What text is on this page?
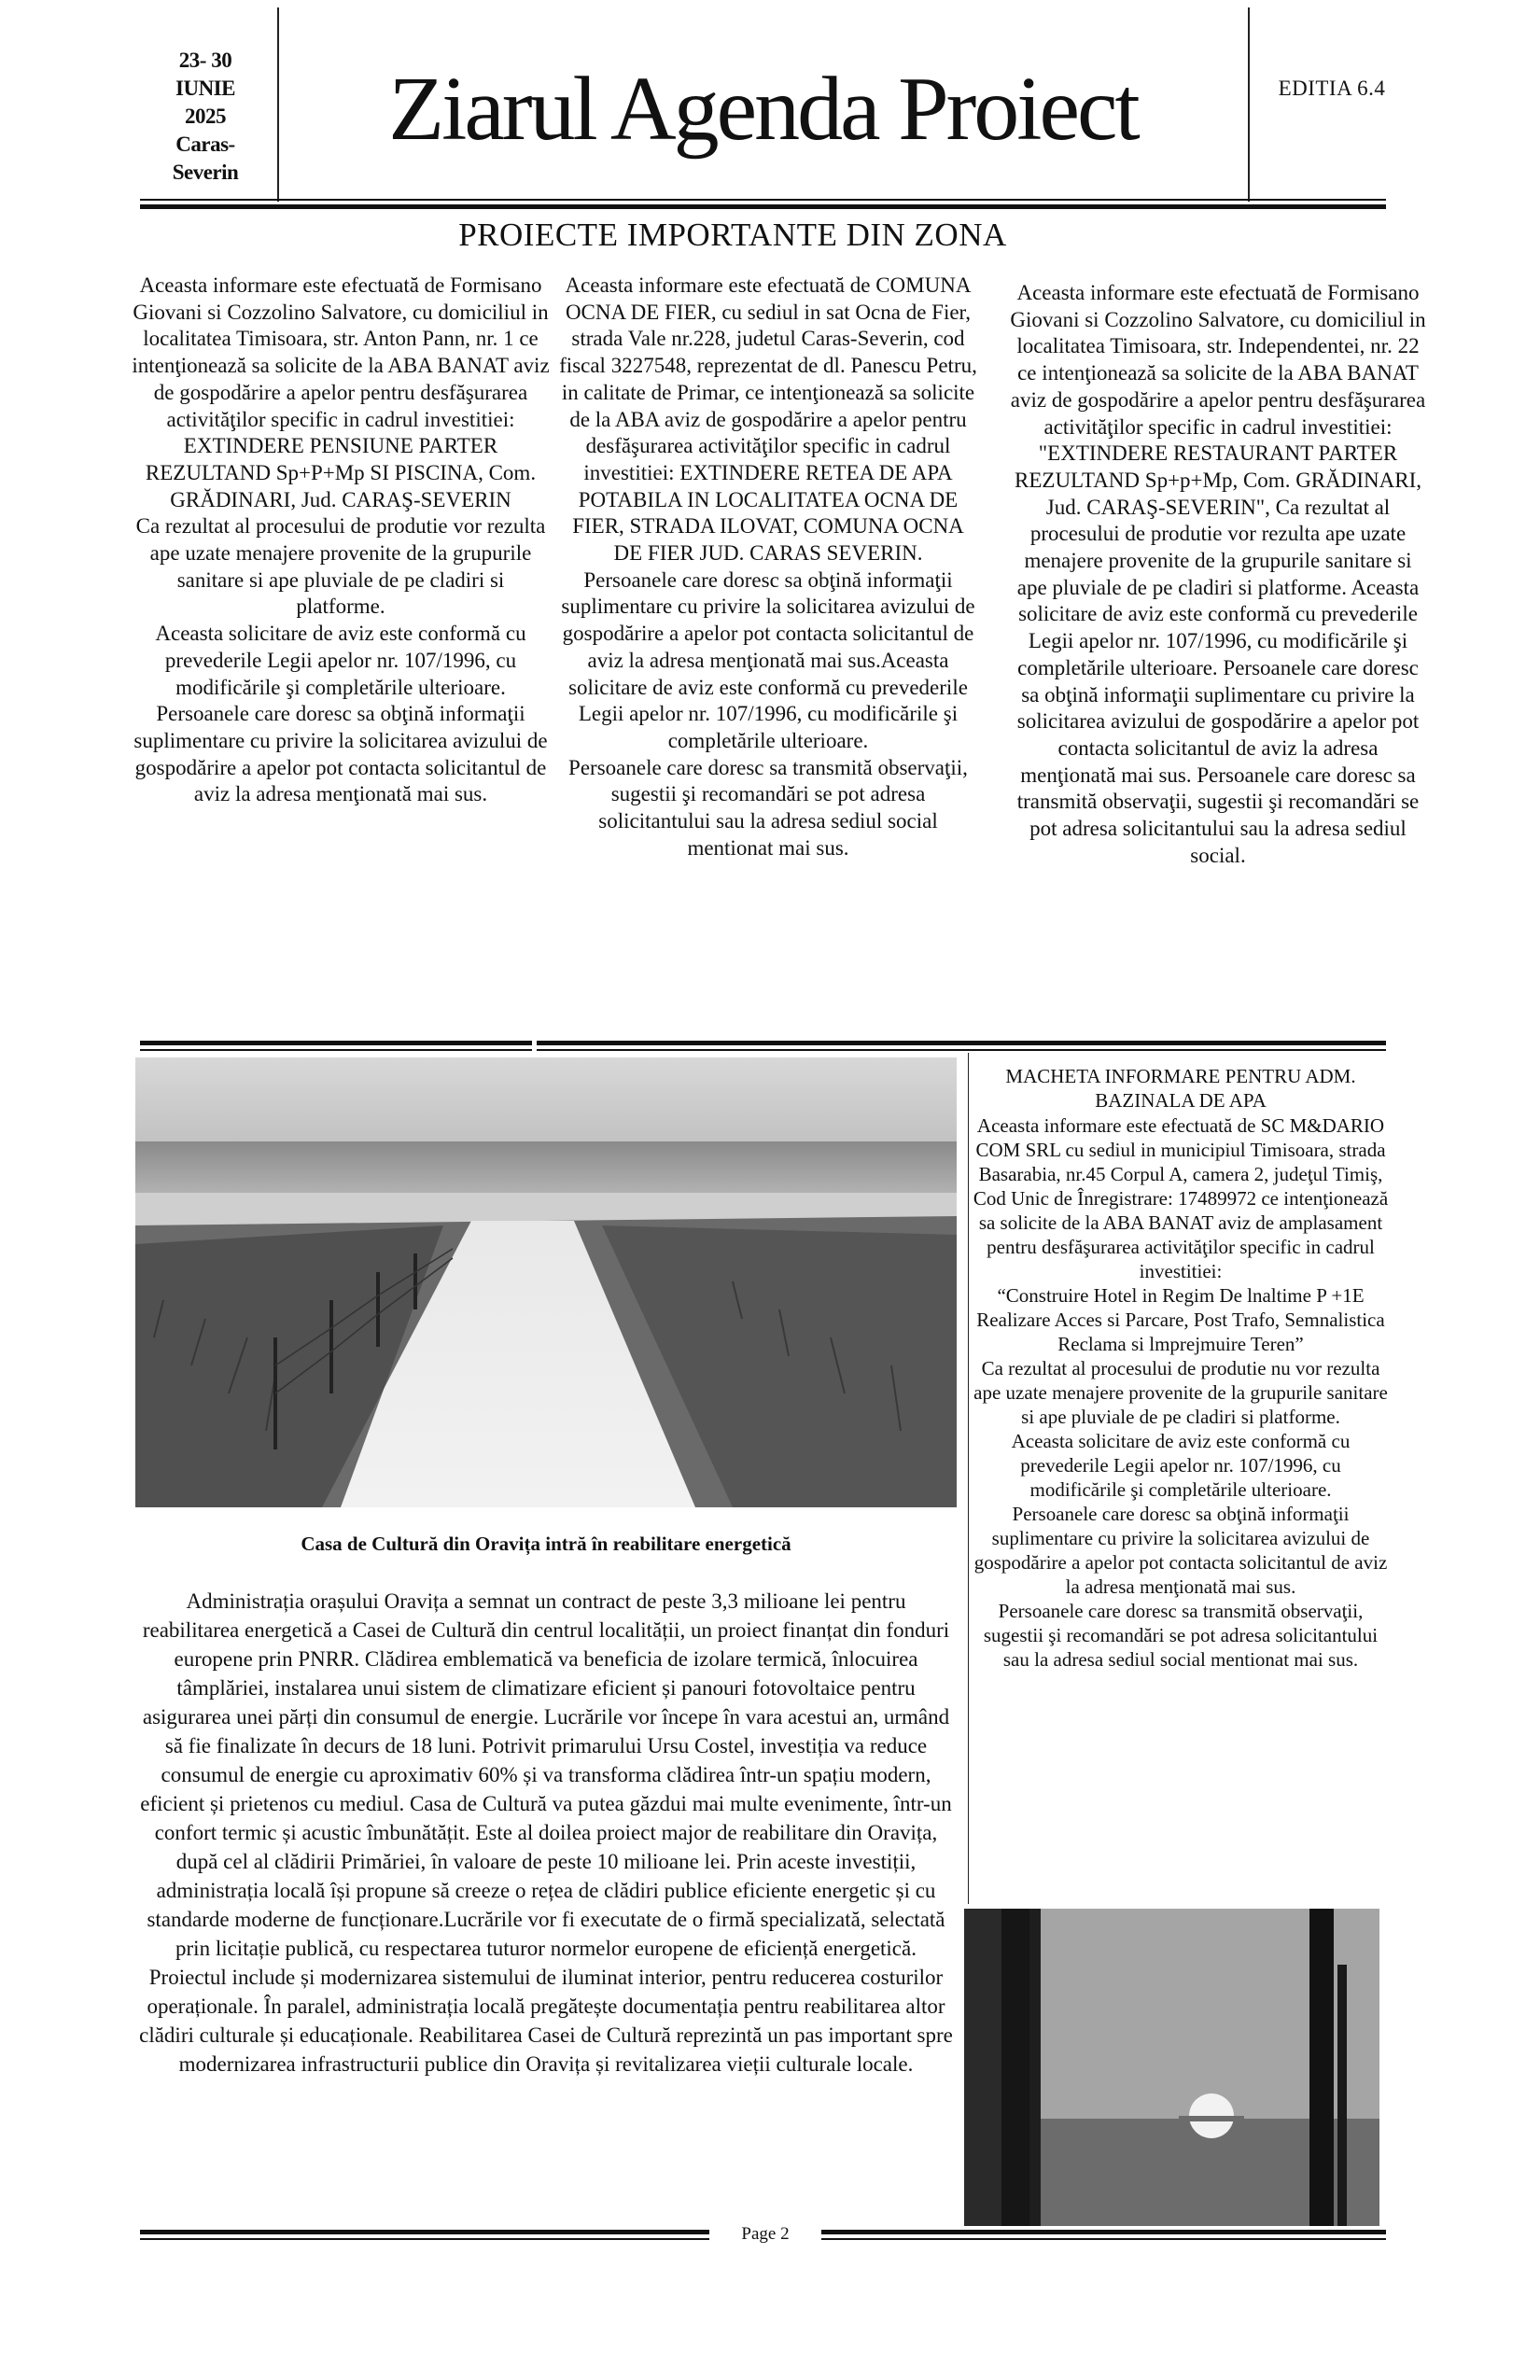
23- 30
IUNIE
2025
Caras-
Severin
Ziarul Agenda Proiect	EDITIA 6.4
PROIECTE IMPORTANTE DIN ZONA
Aceasta informare este efectuată de Formisano Giovani si Cozzolino Salvatore, cu domiciliul in localitatea Timisoara, str. Anton Pann, nr. 1 ce intenţionează sa solicite de la ABA BANAT aviz de gospodărire a apelor pentru desfăşurarea activităţilor specific in cadrul investitiei:
EXTINDERE PENSIUNE PARTER REZULTAND Sp+P+Mp SI PISCINA, Com. GRĂDINARI, Jud. CARAŞ-SEVERIN
Ca rezultat al procesului de produtie vor rezulta ape uzate menajere provenite de la grupurile sanitare si ape pluviale de pe cladiri si platforme.
Aceasta solicitare de aviz este conformă cu prevederile Legii apelor nr. 107/1996, cu modificările şi completările ulterioare.
Persoanele care doresc sa obţină informaţii suplimentare cu privire la solicitarea avizului de gospodărire a apelor pot contacta solicitantul de aviz la adresa menţionată mai sus.
Aceasta informare este efectuată de COMUNA OCNA DE FIER, cu sediul in sat Ocna de Fier, strada Vale nr.228, judetul Caras-Severin, cod fiscal 3227548, reprezentat de dl. Panescu Petru, in calitate de Primar, ce intenţionează sa solicite de la ABA aviz de gospodărire a apelor pentru desfăşurarea activităţilor specific in cadrul investitiei: EXTINDERE RETEA DE APA POTABILA IN LOCALITATEA OCNA DE FIER, STRADA ILOVAT, COMUNA OCNA DE FIER JUD. CARAS SEVERIN.
Persoanele care doresc sa obţină informaţii suplimentare cu privire la solicitarea avizului de gospodărire a apelor pot contacta solicitantul de aviz la adresa menţionată mai sus.Aceasta solicitare de aviz este conformă cu prevederile Legii apelor nr. 107/1996, cu modificările şi completările ulterioare.
Persoanele care doresc sa transmită observaţii, sugestii şi recomandări se pot adresa solicitantului sau la adresa sediul social mentionat mai sus.
Aceasta informare este efectuată de Formisano Giovani si Cozzolino Salvatore, cu domiciliul in localitatea Timisoara, str. Independentei, nr. 22 ce intenţionează sa solicite de la ABA BANAT aviz de gospodărire a apelor pentru desfăşurarea activităţilor specific in cadrul investitiei: "EXTINDERE RESTAURANT PARTER REZULTAND Sp+p+Mp, Com. GRĂDINARI, Jud. CARAŞ-SEVERIN", Ca rezultat al procesului de produtie vor rezulta ape uzate menajere provenite de la grupurile sanitare si ape pluviale de pe cladiri si platforme. Aceasta solicitare de aviz este conformă cu prevederile Legii apelor nr. 107/1996, cu modificările şi completările ulterioare. Persoanele care doresc sa obţină informaţii suplimentare cu privire la solicitarea avizului de gospodărire a apelor pot contacta solicitantul de aviz la adresa menţionată mai sus. Persoanele care doresc sa transmită observaţii, sugestii şi recomandări se pot adresa solicitantului sau la adresa sediul social.
Casa de Cultură din Oravița intră în reabilitare energetică
Administrația orașului Oravița a semnat un contract de peste 3,3 milioane lei pentru reabilitarea energetică a Casei de Cultură din centrul localității, un proiect finanțat din fonduri europene prin PNRR. Clădirea emblematică va beneficia de izolare termică, înlocuirea tâmplăriei, instalarea unui sistem de climatizare eficient și panouri fotovoltaice pentru asigurarea unei părți din consumul de energie. Lucrările vor începe în vara acestui an, urmând să fie finalizate în decurs de 18 luni. Potrivit primarului Ursu Costel, investiția va reduce consumul de energie cu aproximativ 60% și va transforma clădirea într-un spațiu modern, eficient și prietenos cu mediul. Casa de Cultură va putea găzdui mai multe evenimente, într-un confort termic și acustic îmbunătățit. Este al doilea proiect major de reabilitare din Oravița, după cel al clădirii Primăriei, în valoare de peste 10 milioane lei. Prin aceste investiții, administrația locală își propune să creeze o rețea de clădiri publice eficiente energetic și cu standarde moderne de funcționare.Lucrările vor fi executate de o firmă specializată, selectată prin licitație publică, cu respectarea tuturor normelor europene de eficiență energetică. Proiectul include și modernizarea sistemului de iluminat interior, pentru reducerea costurilor operaționale. În paralel, administrația locală pregătește documentația pentru reabilitarea altor clădiri culturale și educaționale. Reabilitarea Casei de Cultură reprezintă un pas important spre modernizarea infrastructurii publice din Oravița și revitalizarea vieții culturale locale.
MACHETA INFORMARE PENTRU ADM. BAZINALA DE APA
Aceasta informare este efectuată de SC M&DARIO COM SRL cu sediul in municipiul Timisoara, strada Basarabia, nr.45 Corpul A, camera 2, judeţul Timiş, Cod Unic de Înregistrare: 17489972 ce intenţionează sa solicite de la ABA BANAT aviz de amplasament pentru desfăşurarea activităţilor specific in cadrul investitiei:
“Construire Hotel in Regim De lnaltime P +1E Realizare Acces si Parcare, Post Trafo, Semnalistica Reclama si lmprejmuire Teren”
Ca rezultat al procesului de produtie nu vor rezulta ape uzate menajere provenite de la grupurile sanitare si ape pluviale de pe cladiri si platforme.
Aceasta solicitare de aviz este conformă cu prevederile Legii apelor nr. 107/1996, cu modificările şi completările ulterioare.
Persoanele care doresc sa obţină informaţii suplimentare cu privire la solicitarea avizului de gospodărire a apelor pot contacta solicitantul de aviz la adresa menţionată mai sus.
Persoanele care doresc sa transmită observaţii, sugestii şi recomandări se pot adresa solicitantului sau la adresa sediul social mentionat mai sus.
Page 2
